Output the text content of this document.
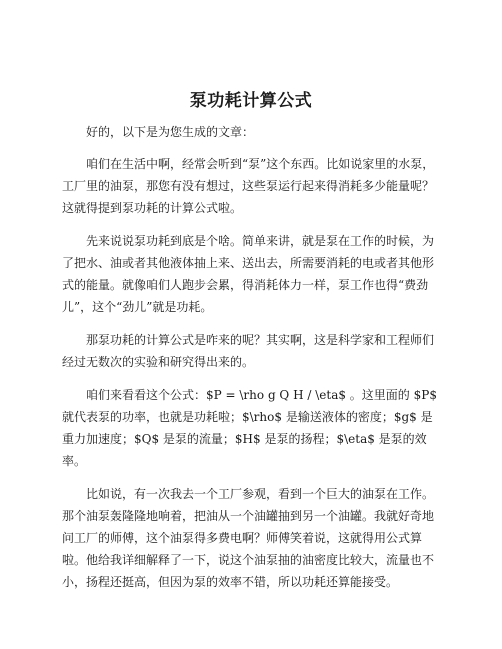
泵功耗计算公式

好的，以下是为您生成的文章：

咱们在生活中啊，经常会听到“泵”这个东西。比如说家里的水泵，工厂里的油泵，那您有没有想过，这些泵运行起来得消耗多少能量呢？这就得提到泵功耗的计算公式啦。

先来说说泵功耗到底是个啥。简单来讲，就是泵在工作的时候，为了把水、油或者其他液体抽上来、送出去，所需要消耗的电或者其他形式的能量。就像咱们人跑步会累，得消耗体力一样，泵工作也得“费劲儿”，这个“劲儿”就是功耗。

那泵功耗的计算公式是咋来的呢？其实啊，这是科学家和工程师们经过无数次的实验和研究得出来的。

咱们来看看这个公式：$P = \rho g Q H / \eta$ 。这里面的 $P$ 就代表泵的功率，也就是功耗啦；$\rho$ 是输送液体的密度；$g$ 是重力加速度；$Q$ 是泵的流量；$H$ 是泵的扬程；$\eta$ 是泵的效率。

比如说，有一次我去一个工厂参观，看到一个巨大的油泵在工作。那个油泵轰隆隆地响着，把油从一个油罐抽到另一个油罐。我就好奇地问工厂的师傅，这个油泵得多费电啊？师傅笑着说，这就得用公式算啦。他给我详细解释了一下，说这个油泵抽的油密度比较大，流量也不小，扬程还挺高，但因为泵的效率不错，所以功耗还算能接受。
